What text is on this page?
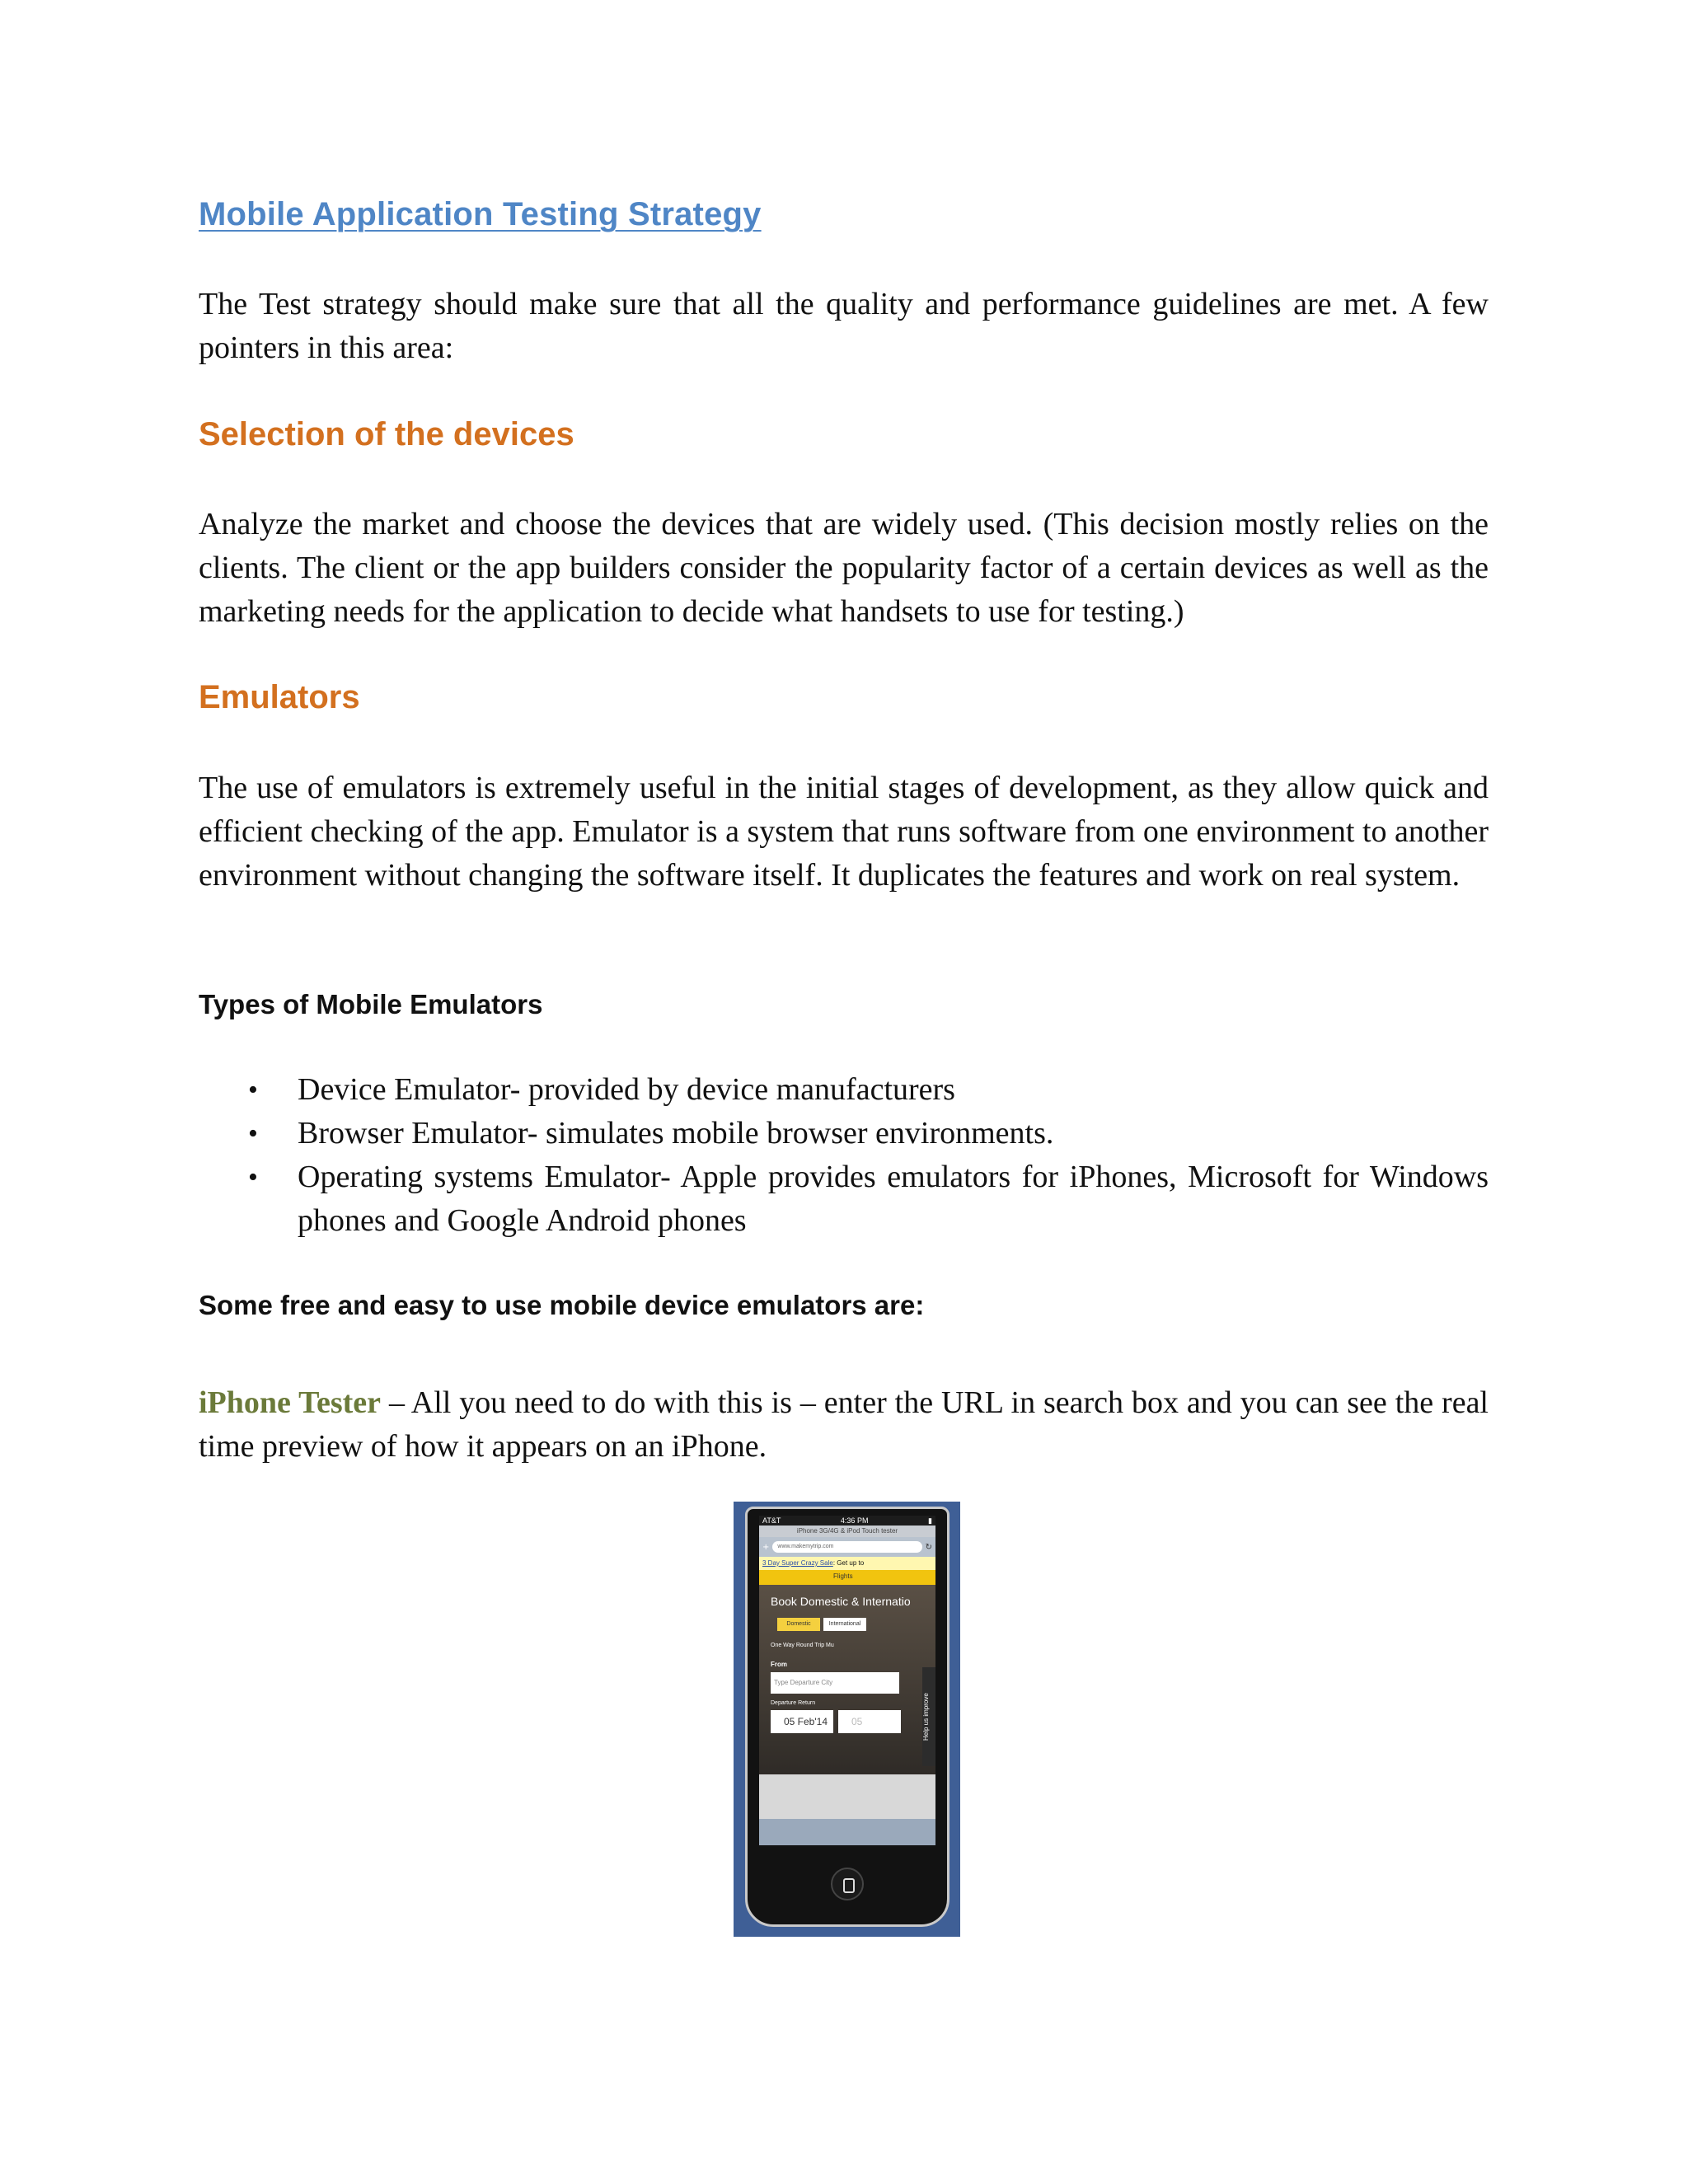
Mobile Application Testing Strategy
The Test strategy should make sure that all the quality and performance guidelines are met. A few pointers in this area:
Selection of the devices
Analyze the market and choose the devices that are widely used. (This decision mostly relies on the clients. The client or the app builders consider the popularity factor of a certain devices as well as the marketing needs for the application to decide what handsets to use for testing.)
Emulators
The use of emulators is extremely useful in the initial stages of development, as they allow quick and efficient checking of the app. Emulator is a system that runs software from one environment to another environment without changing the software itself. It duplicates the features and work on real system.
Types of Mobile Emulators
• Device Emulator- provided by device manufacturers
• Browser Emulator- simulates mobile browser environments.
• Operating systems Emulator- Apple provides emulators for iPhones, Microsoft for Windows phones and Google Android phones
Some free and easy to use mobile device emulators are:
iPhone Tester – All you need to do with this is – enter the URL in search box and you can see the real time preview of how it appears on an iPhone.
AT&T	4:36 PM	▮
iPhone 3G/4G & iPod Touch tester
+	www.makemytrip.com	↻
3 Day Super Crazy Sale: Get up to
Flights
Book Domestic & Internatio
Domestic	International
One Way Round Trip Mu
From
Type Departure City
Departure Return
05 Feb'14	05	Help us improve
